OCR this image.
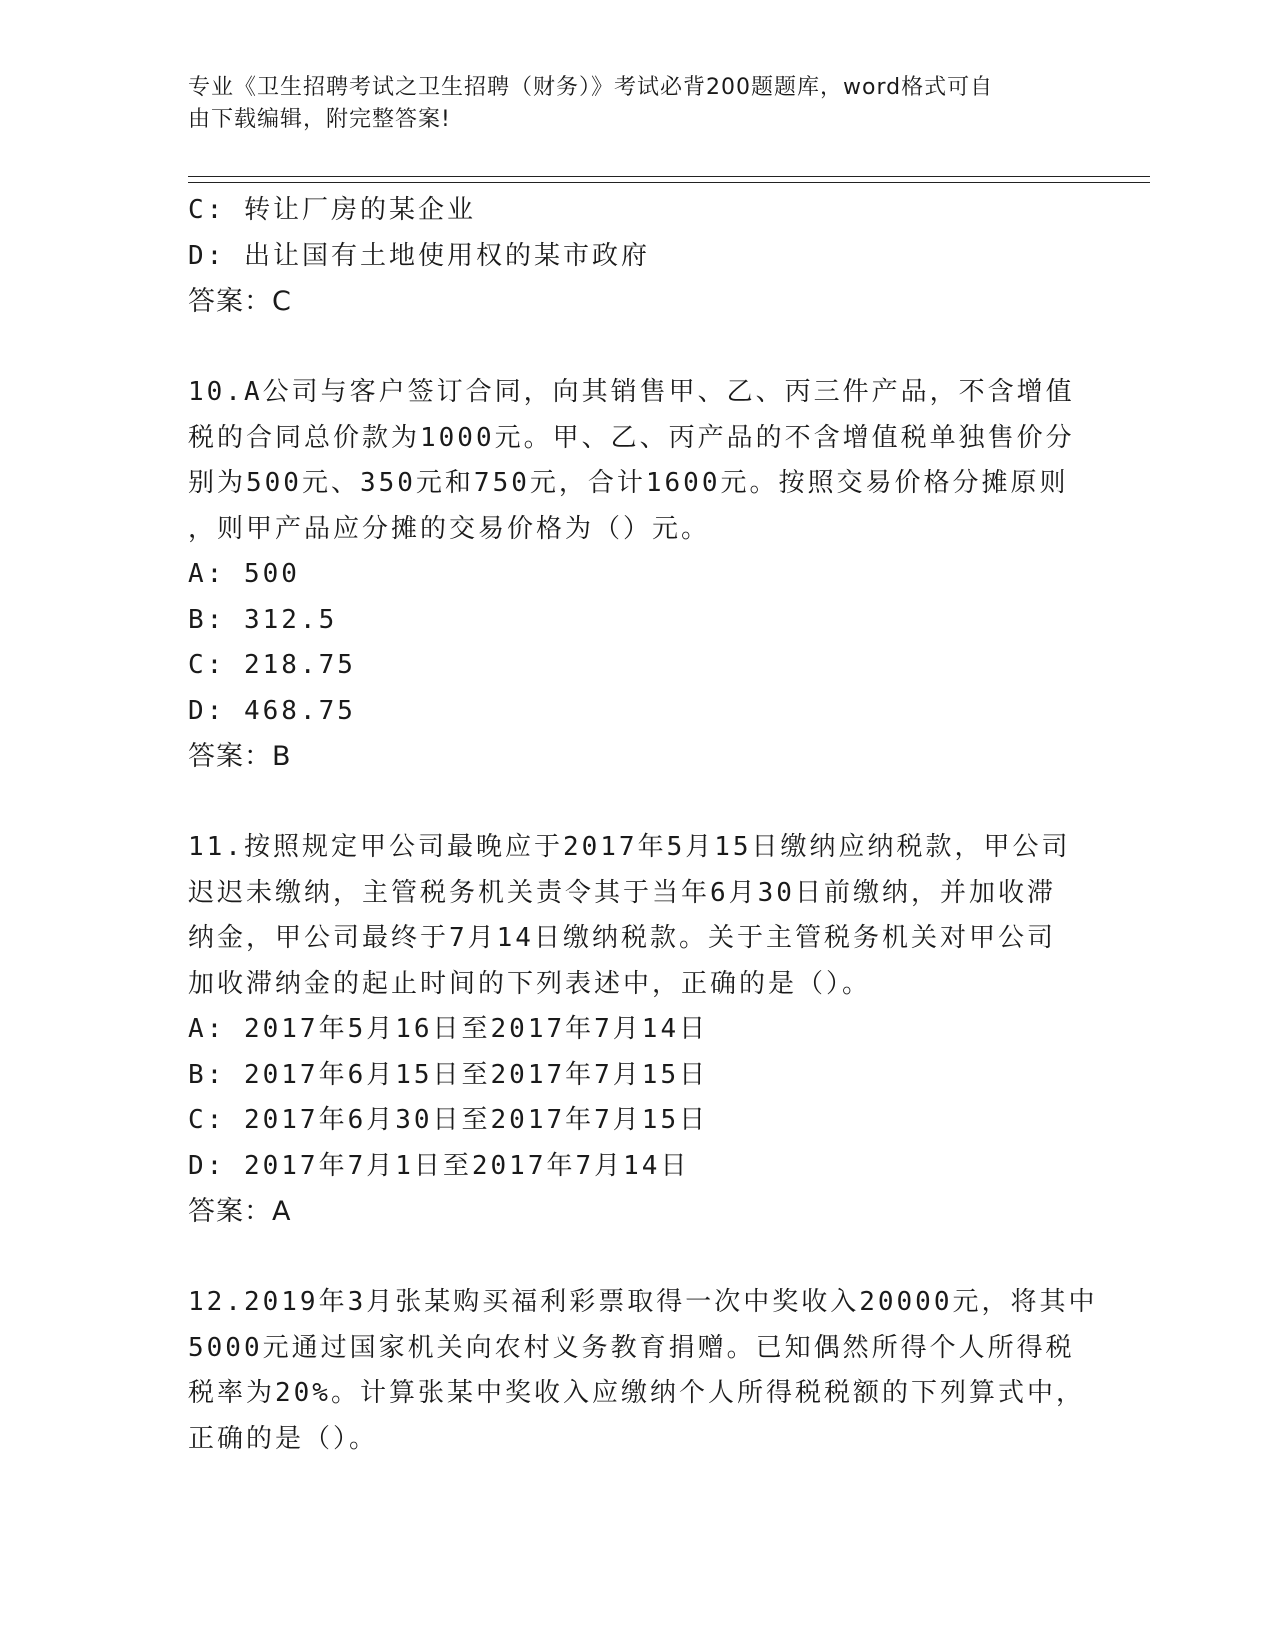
专业《卫生招聘考试之卫生招聘（财务）》考试必背200题题库，word格式可自
由下载编辑，附完整答案!
C: 转让厂房的某企业
D: 出让国有土地使用权的某市政府
答案：C
10.A公司与客户签订合同，向其销售甲、乙、丙三件产品，不含增值
税的合同总价款为1000元。甲、乙、丙产品的不含增值税单独售价分
别为500元、350元和750元，合计1600元。按照交易价格分摊原则
，则甲产品应分摊的交易价格为（）元。
A: 500
B: 312.5
C: 218.75
D: 468.75
答案：B
11.按照规定甲公司最晚应于2017年5月15日缴纳应纳税款，甲公司
迟迟未缴纳，主管税务机关责令其于当年6月30日前缴纳，并加收滞
纳金，甲公司最终于7月14日缴纳税款。关于主管税务机关对甲公司
加收滞纳金的起止时间的下列表述中，正确的是（）。
A: 2017年5月16日至2017年7月14日
B: 2017年6月15日至2017年7月15日
C: 2017年6月30日至2017年7月15日
D: 2017年7月1日至2017年7月14日
答案：A
12.2019年3月张某购买福利彩票取得一次中奖收入20000元，将其中
5000元通过国家机关向农村义务教育捐赠。已知偶然所得个人所得税
税率为20%。计算张某中奖收入应缴纳个人所得税税额的下列算式中，
正确的是（）。
